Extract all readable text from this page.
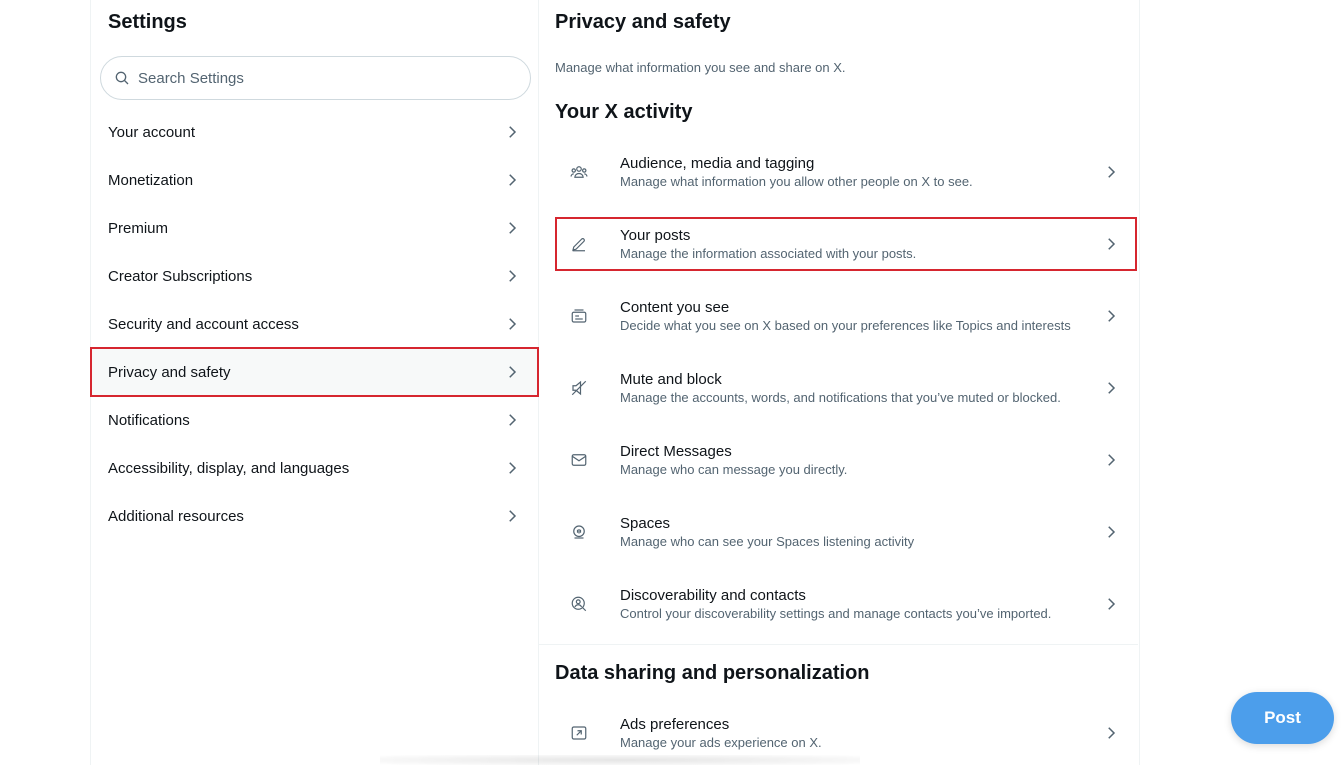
Settings
Search Settings
Your account
Monetization
Premium
Creator Subscriptions
Security and account access
Privacy and safety
Notifications
Accessibility, display, and languages
Additional resources
Privacy and safety

Manage what information you see and share on X.

Your X activity
Audience, media and tagging
Manage what information you allow other people on X to see.
Your posts
Manage the information associated with your posts.
Content you see
Decide what you see on X based on your preferences like Topics and interests
Mute and block
Manage the accounts, words, and notifications that you’ve muted or blocked.
Direct Messages
Manage who can message you directly.
Spaces
Manage who can see your Spaces listening activity
Discoverability and contacts
Control your discoverability settings and manage contacts you’ve imported.
Data sharing and personalization
Ads preferences
Manage your ads experience on X.
Post
